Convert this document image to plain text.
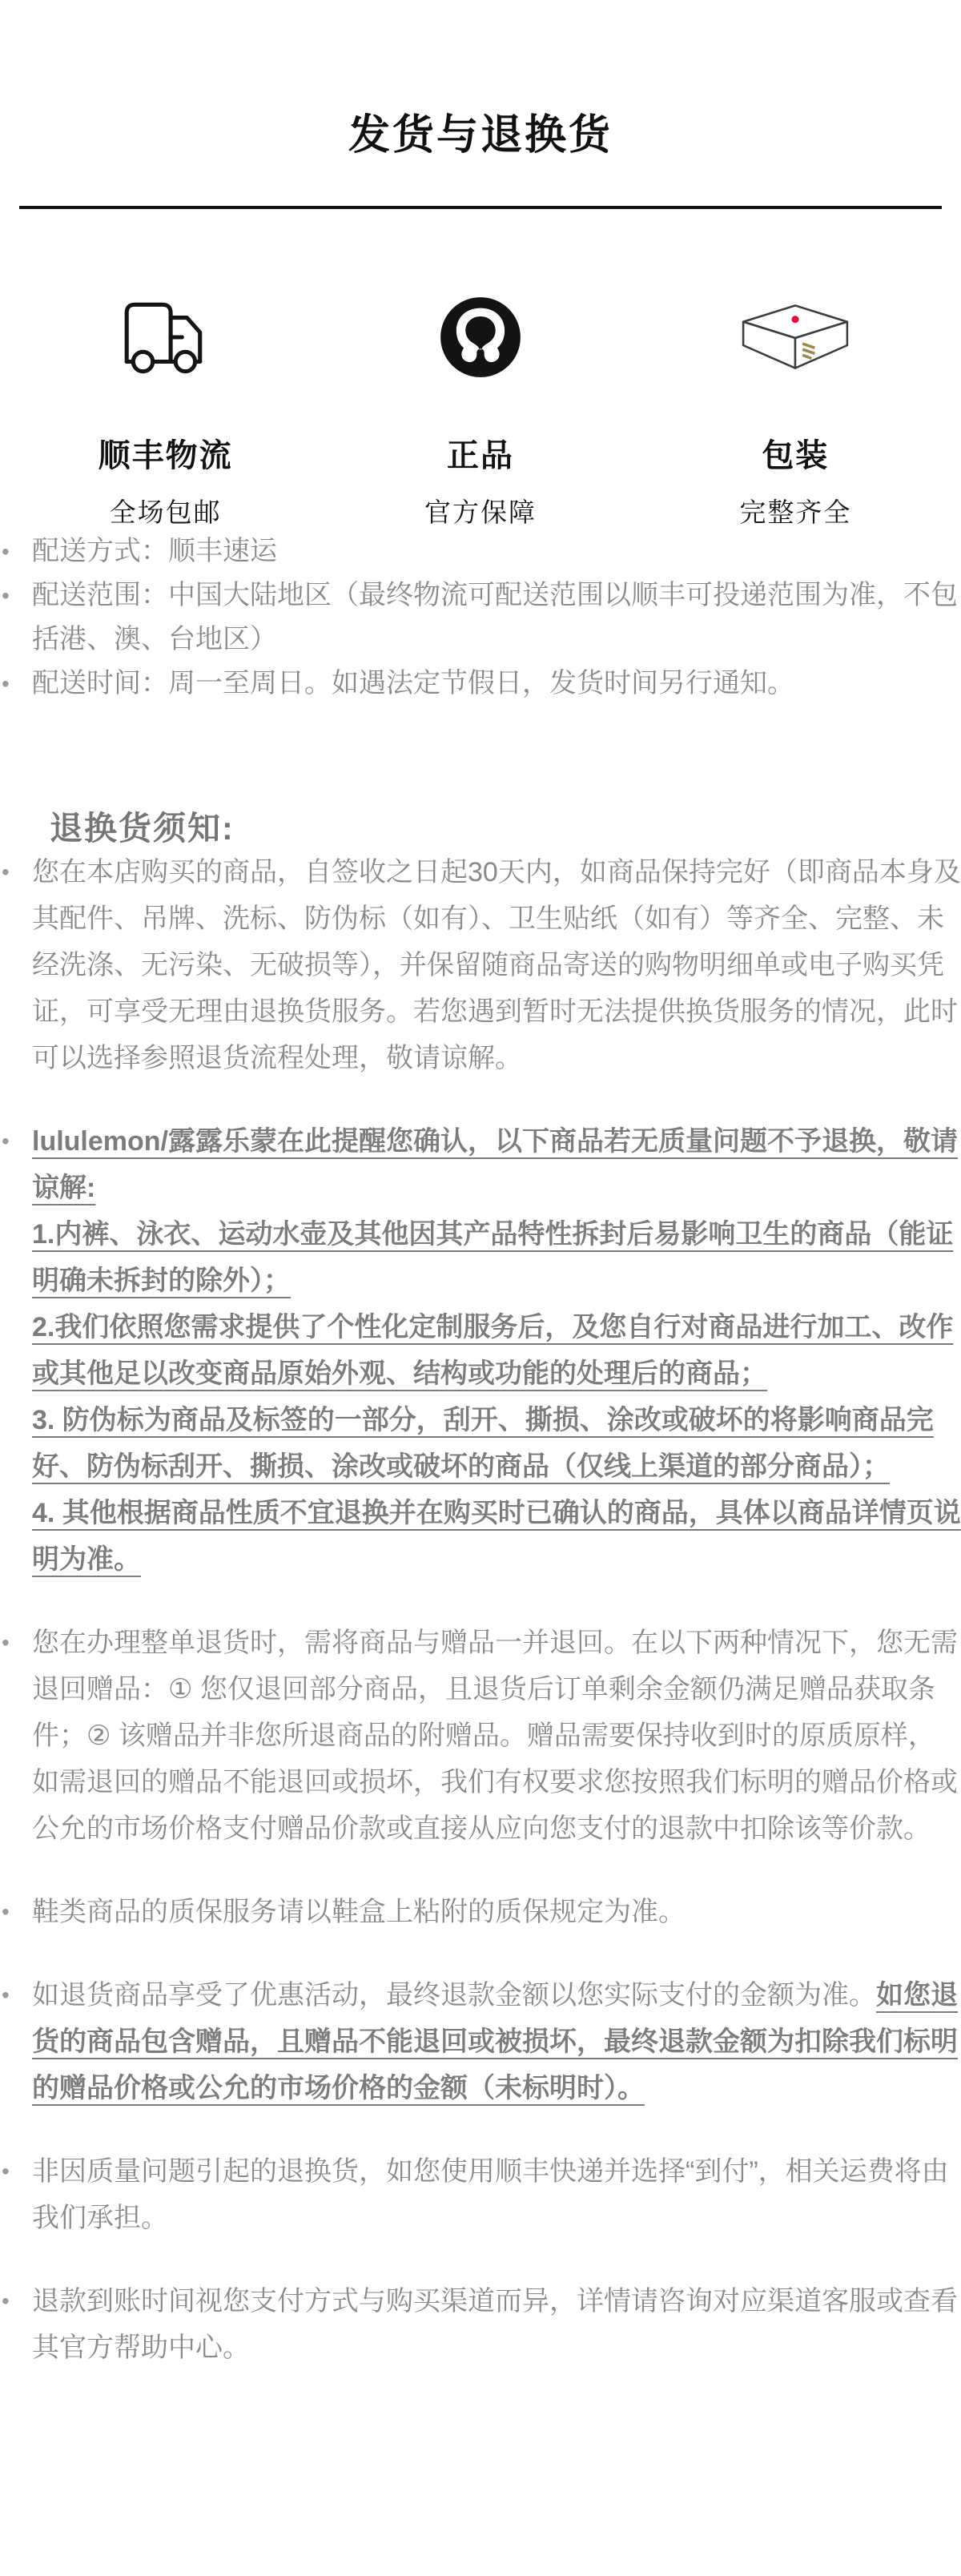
发货与退换货
顺丰物流
全场包邮
正品
官方保障
包装
完整齐全
• 配送方式：顺丰速运
• 配送范围：中国大陆地区（最终物流可配送范围以顺丰可投递范围为准，不包括港、澳、台地区）
• 配送时间：周一至周日。如遇法定节假日，发货时间另行通知。
退换货须知:
• 您在本店购买的商品，自签收之日起30天内，如商品保持完好（即商品本身及其配件、吊牌、洗标、防伪标（如有）、卫生贴纸（如有）等齐全、完整、未经洗涤、无污染、无破损等），并保留随商品寄送的购物明细单或电子购买凭证，可享受无理由退换货服务。若您遇到暂时无法提供换货服务的情况，此时可以选择参照退货流程处理，敬请谅解。
• lululemon/露露乐蒙在此提醒您确认，以下商品若无质量问题不予退换，敬请谅解:
1.内裤、泳衣、运动水壶及其他因其产品特性拆封后易影响卫生的商品（能证明确未拆封的除外）；
2.我们依照您需求提供了个性化定制服务后，及您自行对商品进行加工、改作或其他足以改变商品原始外观、结构或功能的处理后的商品；
3. 防伪标为商品及标签的一部分，刮开、撕损、涂改或破坏的将影响商品完好、防伪标刮开、撕损、涂改或破坏的商品（仅线上渠道的部分商品）；
4. 其他根据商品性质不宜退换并在购买时已确认的商品，具体以商品详情页说明为准。
• 您在办理整单退货时，需将商品与赠品一并退回。在以下两种情况下，您无需退回赠品：① 您仅退回部分商品，且退货后订单剩余金额仍满足赠品获取条件；② 该赠品并非您所退商品的附赠品。赠品需要保持收到时的原质原样，如需退回的赠品不能退回或损坏，我们有权要求您按照我们标明的赠品价格或公允的市场价格支付赠品价款或直接从应向您支付的退款中扣除该等价款。
• 鞋类商品的质保服务请以鞋盒上粘附的质保规定为准。
• 如退货商品享受了优惠活动，最终退款金额以您实际支付的金额为准。如您退货的商品包含赠品，且赠品不能退回或被损坏，最终退款金额为扣除我们标明的赠品价格或公允的市场价格的金额（未标明时）。
• 非因质量问题引起的退换货，如您使用顺丰快递并选择“到付”，相关运费将由我们承担。
• 退款到账时间视您支付方式与购买渠道而异，详情请咨询对应渠道客服或查看其官方帮助中心。
